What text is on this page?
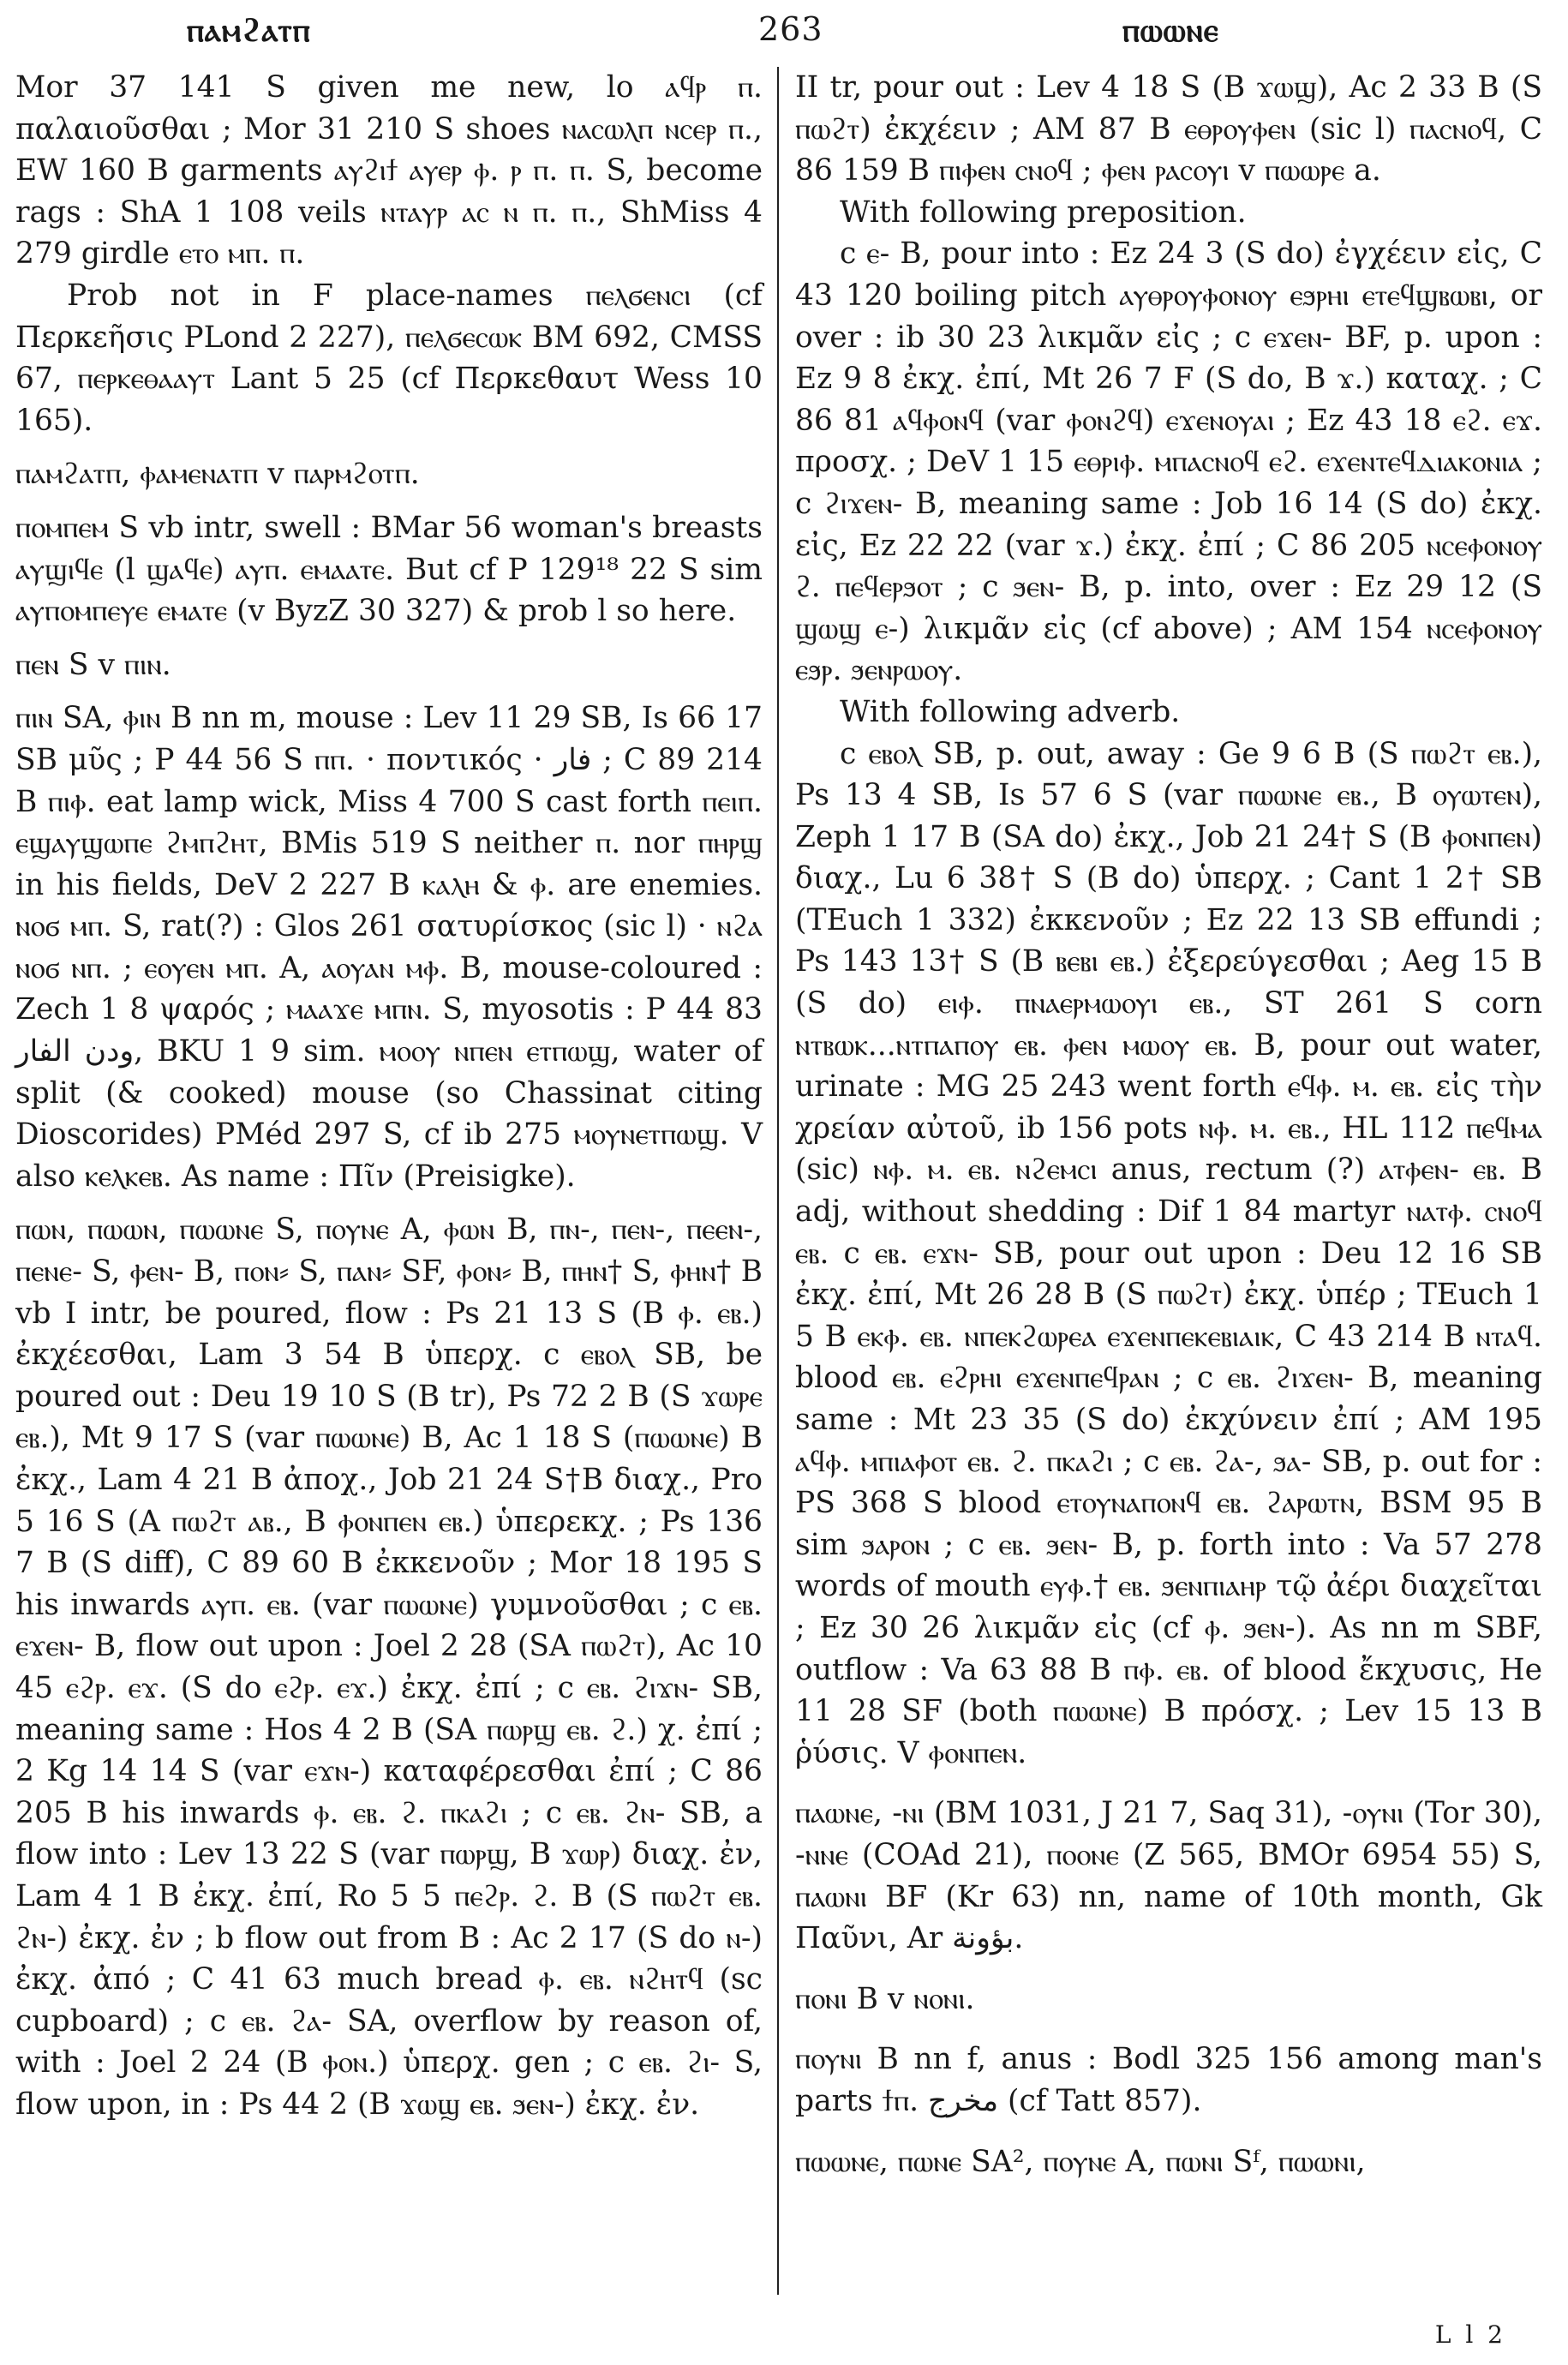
ⲡⲁⲙϩⲁⲧⲡ	263	ⲡⲱⲱⲛⲉ

Mor 37 141 S given me new, lo ⲁϥⲣ ⲡ. παλαιοῦσθαι ; Mor 31 210 S shoes ⲛⲁⲥⲱⲗⲡ ⲛⲥⲉⲣ ⲡ., EW 160 B garments ⲁⲩϩⲓϯ ⲁⲩⲉⲣ ⲫ. ⲣ ⲡ. ⲡ. S, become rags : ShA 1 108 veils ⲛⲧⲁⲩⲣ ⲁⲥ ⲛ ⲡ. ⲡ., ShMiss 4 279 girdle ⲉⲧⲟ ⲙⲡ. ⲡ.

Prob not in F place-names ⲡⲉⲗϭⲉⲛⲥⲓ (cf Περκεῆσις PLond 2 227), ⲡⲉⲗϭⲉⲥⲱⲕ BM 692, CMSS 67, ⲡⲉⲣⲕⲉⲑⲁⲁⲩⲧ Lant 5 25 (cf Περκεθαυτ Wess 10 165).

ⲡⲁⲙϩⲁⲧⲡ, ⲫⲁⲙⲉⲛⲁⲧⲡ v ⲡⲁⲣⲙϩⲟⲧⲡ.

ⲡⲟⲙⲡⲉⲙ S vb intr, swell : BMar 56 woman's breasts ⲁⲩϣⲓϥⲉ (l ϣⲁϥⲉ) ⲁⲩⲡ. ⲉⲙⲁⲁⲧⲉ. But cf P 129¹⁸ 22 S sim ⲁⲩⲡⲟⲙⲡⲉⲩⲉ ⲉⲙⲁⲧⲉ (v ByzZ 30 327) & prob l so here.

ⲡⲉⲛ S v ⲡⲓⲛ.

ⲡⲓⲛ SA, ⲫⲓⲛ B nn m, mouse : Lev 11 29 SB, Is 66 17 SB μῦς ; P 44 56 S ⲡⲡ. · ποντικός · فار ; C 89 214 B ⲡⲓⲫ. eat lamp wick, Miss 4 700 S cast forth ⲡⲉⲓⲡ. ⲉϣⲁⲩϣⲱⲡⲉ ϩⲙⲡϩⲏⲧ, BMis 519 S neither ⲡ. nor ⲡⲏⲣϣ in his fields, DeV 2 227 B ⲕⲁⲗⲏ & ⲫ. are enemies. ⲛⲟϭ ⲙⲡ. S, rat(?) : Glos 261 σατυρίσκος (sic l) · ⲛϩⲁ ⲛⲟϭ ⲛⲡ. ; ⲉⲟⲩⲉⲛ ⲙⲡ. A, ⲁⲟⲩⲁⲛ ⲙⲫ. B, mouse-coloured : Zech 1 8 ψαρός ; ⲙⲁⲁϫⲉ ⲙⲡⲛ. S, myosotis : P 44 83 ودن الفار, BKU 1 9 sim. ⲙⲟⲟⲩ ⲛⲡⲉⲛ ⲉⲧⲡⲱϣ, water of split (& cooked) mouse (so Chassinat citing Dioscorides) PMéd 297 S, cf ib 275 ⲙⲟⲩⲛⲉⲧⲡⲱϣ. V also ⲕⲉⲗⲕⲉⲃ. As name : Πῖν (Preisigke).

ⲡⲱⲛ, ⲡⲱⲱⲛ, ⲡⲱⲱⲛⲉ S, ⲡⲟⲩⲛⲉ A, ⲫⲱⲛ B, ⲡⲛ-, ⲡⲉⲛ-, ⲡⲉⲉⲛ-, ⲡⲉⲛⲉ- S, ⲫⲉⲛ- B, ⲡⲟⲛ⸗ S, ⲡⲁⲛ⸗ SF, ⲫⲟⲛ⸗ B, ⲡⲏⲛ† S, ⲫⲏⲛ† B vb I intr, be poured, flow : Ps 21 13 S (B ⲫ. ⲉⲃ.) ἐκχέεσθαι, Lam 3 54 B ὑπερχ. c ⲉⲃⲟⲗ SB, be poured out : Deu 19 10 S (B tr), Ps 72 2 B (S ϫⲱⲣⲉ ⲉⲃ.), Mt 9 17 S (var ⲡⲱⲱⲛⲉ) B, Ac 1 18 S (ⲡⲱⲱⲛⲉ) B ἐκχ., Lam 4 21 B ἀποχ., Job 21 24 S†B διαχ., Pro 5 16 S (A ⲡⲱϩⲧ ⲁⲃ., B ⲫⲟⲛⲡⲉⲛ ⲉⲃ.) ὑπερεκχ. ; Ps 136 7 B (S diff), C 89 60 B ἐκκενοῦν ; Mor 18 195 S his inwards ⲁⲩⲡ. ⲉⲃ. (var ⲡⲱⲱⲛⲉ) γυμνοῦσθαι ; c ⲉⲃ. ⲉϫⲉⲛ- B, flow out upon : Joel 2 28 (SA ⲡⲱϩⲧ), Ac 10 45 ⲉϩⲣ. ⲉϫ. (S do ⲉϩⲣ. ⲉϫ.) ἐκχ. ἐπί ; c ⲉⲃ. ϩⲓϫⲛ- SB, meaning same : Hos 4 2 B (SA ⲡⲱⲣϣ ⲉⲃ. ϩ.) χ. ἐπί ; 2 Kg 14 14 S (var ⲉϫⲛ-) καταφέρεσθαι ἐπί ; C 86 205 B his inwards ⲫ. ⲉⲃ. ϩ. ⲡⲕⲁϩⲓ ; c ⲉⲃ. ϩⲛ- SB, a flow into : Lev 13 22 S (var ⲡⲱⲣϣ, B ϫⲱⲣ) διαχ. ἐν, Lam 4 1 B ἐκχ. ἐπί, Ro 5 5 ⲡⲉϩⲣ. ϩ. B (S ⲡⲱϩⲧ ⲉⲃ. ϩⲛ-) ἐκχ. ἐν ; b flow out from B : Ac 2 17 (S do ⲛ-) ἐκχ. ἀπό ; C 41 63 much bread ⲫ. ⲉⲃ. ⲛϩⲏⲧϥ (sc cupboard) ; c ⲉⲃ. ϩⲁ- SA, overflow by reason of, with : Joel 2 24 (B ⲫⲟⲛ.) ὑπερχ. gen ; c ⲉⲃ. ϩⲓ- S, flow upon, in : Ps 44 2 (B ϫⲱϣ ⲉⲃ. ϧⲉⲛ-) ἐκχ. ἐν.

II tr, pour out : Lev 4 18 S (B ϫⲱϣ), Ac 2 33 B (S ⲡⲱϩⲧ) ἐκχέειν ; AM 87 B ⲉⲑⲣⲟⲩⲫⲉⲛ (sic l) ⲡⲁⲥⲛⲟϥ, C 86 159 B ⲡⲓⲫⲉⲛ ⲥⲛⲟϥ ; ⲫⲉⲛ ⲣⲁⲥⲟⲩⲓ v ⲡⲱⲱⲣⲉ a.

With following preposition.

c ⲉ- B, pour into : Ez 24 3 (S do) ἐγχέειν εἰς, C 43 120 boiling pitch ⲁⲩⲑⲣⲟⲩⲫⲟⲛⲟⲩ ⲉϧⲣⲏⲓ ⲉⲧⲉϥϣⲃⲱⲃⲓ, or over : ib 30 23 λικμᾶν εἰς ; c ⲉϫⲉⲛ- BF, p. upon : Ez 9 8 ἐκχ. ἐπί, Mt 26 7 F (S do, B ϫ.) καταχ. ; C 86 81 ⲁϥⲫⲟⲛϥ (var ⲫⲟⲛϩϥ) ⲉϫⲉⲛⲟⲩⲁⲓ ; Ez 43 18 ⲉϩ. ⲉϫ. προσχ. ; DeV 1 15 ⲉⲑⲣⲓⲫ. ⲙⲡⲁⲥⲛⲟϥ ⲉϩ. ⲉϫⲉⲛⲧⲉϥⲇⲓⲁⲕⲟⲛⲓⲁ ; c ϩⲓϫⲉⲛ- B, meaning same : Job 16 14 (S do) ἐκχ. εἰς, Ez 22 22 (var ϫ.) ἐκχ. ἐπί ; C 86 205 ⲛⲥⲉⲫⲟⲛⲟⲩ ϩ. ⲡⲉϥⲉⲣϧⲟⲧ ; c ϧⲉⲛ- B, p. into, over : Ez 29 12 (S ϣⲱϣ ⲉ-) λικμᾶν εἰς (cf above) ; AM 154 ⲛⲥⲉⲫⲟⲛⲟⲩ ⲉϧⲣ. ϧⲉⲛⲣⲱⲟⲩ.

With following adverb.

c ⲉⲃⲟⲗ SB, p. out, away : Ge 9 6 B (S ⲡⲱϩⲧ ⲉⲃ.), Ps 13 4 SB, Is 57 6 S (var ⲡⲱⲱⲛⲉ ⲉⲃ., B ⲟⲩⲱⲧⲉⲛ), Zeph 1 17 B (SA do) ἐκχ., Job 21 24† S (B ⲫⲟⲛⲡⲉⲛ) διαχ., Lu 6 38† S (B do) ὑπερχ. ; Cant 1 2† SB (TEuch 1 332) ἐκκενοῦν ; Ez 22 13 SB effundi ; Ps 143 13† S (B ⲃⲉⲃⲓ ⲉⲃ.) ἐξερεύγεσθαι ; Aeg 15 B (S do) ⲉⲓⲫ. ⲡⲛⲁⲉⲣⲙⲱⲟⲩⲓ ⲉⲃ., ST 261 S corn ⲛⲧⲃⲱⲕ...ⲛⲧⲡⲁⲡⲟⲩ ⲉⲃ. ⲫⲉⲛ ⲙⲱⲟⲩ ⲉⲃ. B, pour out water, urinate : MG 25 243 went forth ⲉϥⲫ. ⲙ. ⲉⲃ. εἰς τὴν χρείαν αὐτοῦ, ib 156 pots ⲛⲫ. ⲙ. ⲉⲃ., HL 112 ⲡⲉϥⲙⲁ (sic) ⲛⲫ. ⲙ. ⲉⲃ. ⲛϩⲉⲙⲥⲓ anus, rectum (?) ⲁⲧⲫⲉⲛ- ⲉⲃ. B adj, without shedding : Dif 1 84 martyr ⲛⲁⲧⲫ. ⲥⲛⲟϥ ⲉⲃ. c ⲉⲃ. ⲉϫⲛ- SB, pour out upon : Deu 12 16 SB ἐκχ. ἐπί, Mt 26 28 B (S ⲡⲱϩⲧ) ἐκχ. ὑπέρ ; TEuch 1 5 B ⲉⲕⲫ. ⲉⲃ. ⲛⲡⲉⲕϩⲱⲣⲉⲁ ⲉϫⲉⲛⲡⲉⲕⲉⲃⲓⲁⲓⲕ, C 43 214 B ⲛⲧⲁϥ. blood ⲉⲃ. ⲉϩⲣⲏⲓ ⲉϫⲉⲛⲡⲉϥⲣⲁⲛ ; c ⲉⲃ. ϩⲓϫⲉⲛ- B, meaning same : Mt 23 35 (S do) ἐκχύνειν ἐπί ; AM 195 ⲁϥⲫ. ⲙⲡⲓⲁⲫⲟⲧ ⲉⲃ. ϩ. ⲡⲕⲁϩⲓ ; c ⲉⲃ. ϩⲁ-, ϧⲁ- SB, p. out for : PS 368 S blood ⲉⲧⲟⲩⲛⲁⲡⲟⲛϥ ⲉⲃ. ϩⲁⲣⲱⲧⲛ, BSM 95 B sim ϧⲁⲣⲟⲛ ; c ⲉⲃ. ϧⲉⲛ- B, p. forth into : Va 57 278 words of mouth ⲉⲩⲫ.† ⲉⲃ. ϧⲉⲛⲡⲓⲁⲏⲣ τῷ ἀέρι διαχεῖται ; Ez 30 26 λικμᾶν εἰς (cf ⲫ. ϧⲉⲛ-). As nn m SBF, outflow : Va 63 88 B ⲡⲫ. ⲉⲃ. of blood ἔκχυσις, He 11 28 SF (both ⲡⲱⲱⲛⲉ) B πρόσχ. ; Lev 15 13 B ῥύσις. V ⲫⲟⲛⲡⲉⲛ.

ⲡⲁⲱⲛⲉ, -ⲛⲓ (BM 1031, J 21 7, Saq 31), -ⲟⲩⲛⲓ (Tor 30), -ⲛⲛⲉ (COAd 21), ⲡⲟⲟⲛⲉ (Z 565, BMOr 6954 55) S, ⲡⲁⲱⲛⲓ BF (Kr 63) nn, name of 10th month, Gk Παῦνι, Ar بؤونة.

ⲡⲟⲛⲓ B v ⲛⲟⲛⲓ.

ⲡⲟⲩⲛⲓ B nn f, anus : Bodl 325 156 among man's parts ϯⲡ. مخرج (cf Tatt 857).

ⲡⲱⲱⲛⲉ, ⲡⲱⲛⲉ SA², ⲡⲟⲩⲛⲉ A, ⲡⲱⲛⲓ Sᶠ, ⲡⲱⲱⲛⲓ,

L l 2
